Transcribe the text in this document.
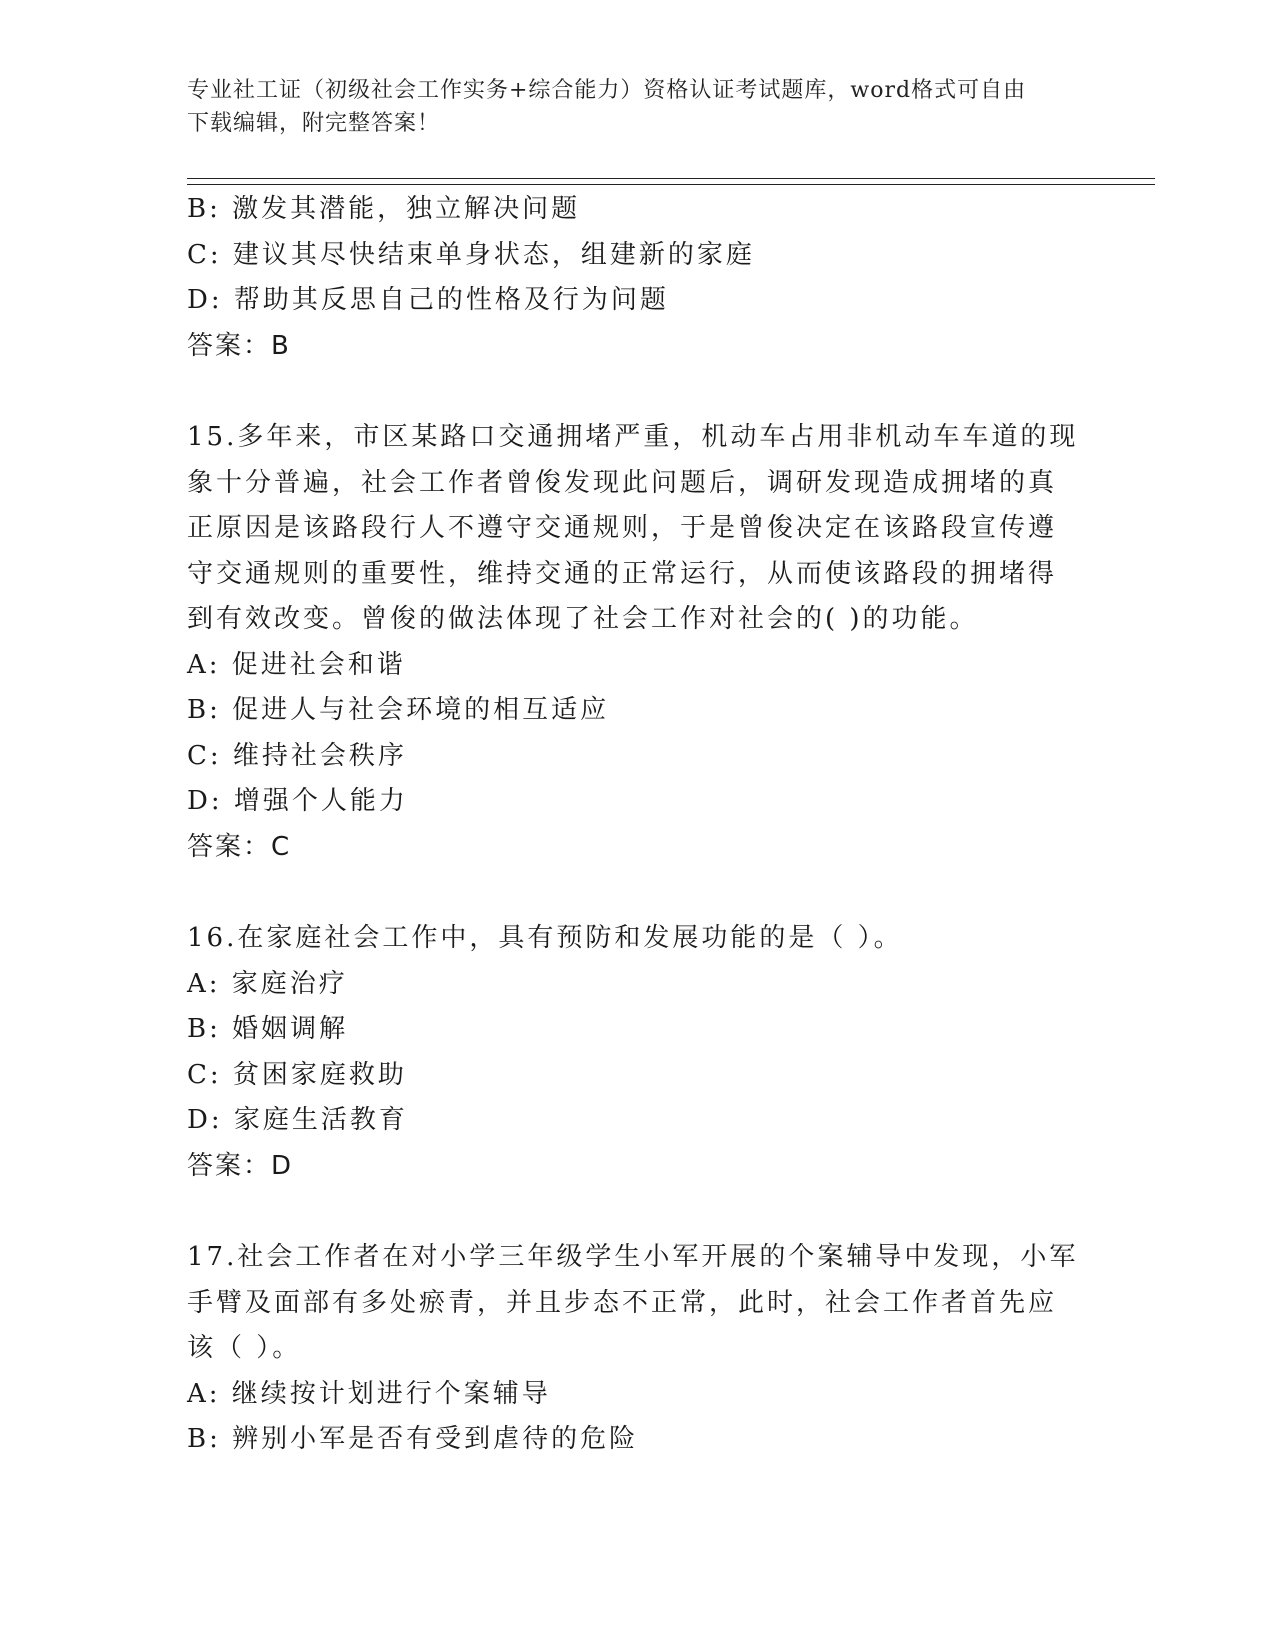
专业社工证（初级社会工作实务+综合能力）资格认证考试题库，word格式可自由
下载编辑，附完整答案！
B: 激发其潜能，独立解决问题
C: 建议其尽快结束单身状态，组建新的家庭
D: 帮助其反思自己的性格及行为问题
答案：B
15.多年来，市区某路口交通拥堵严重，机动车占用非机动车车道的现
象十分普遍，社会工作者曾俊发现此问题后，调研发现造成拥堵的真
正原因是该路段行人不遵守交通规则，于是曾俊决定在该路段宣传遵
守交通规则的重要性，维持交通的正常运行，从而使该路段的拥堵得
到有效改变。曾俊的做法体现了社会工作对社会的( )的功能。
A: 促进社会和谐
B: 促进人与社会环境的相互适应
C: 维持社会秩序
D: 增强个人能力
答案：C
16.在家庭社会工作中，具有预防和发展功能的是（ ）。
A: 家庭治疗
B: 婚姻调解
C: 贫困家庭救助
D: 家庭生活教育
答案：D
17.社会工作者在对小学三年级学生小军开展的个案辅导中发现，小军
手臂及面部有多处瘀青，并且步态不正常，此时，社会工作者首先应
该（ ）。
A: 继续按计划进行个案辅导
B: 辨别小军是否有受到虐待的危险
